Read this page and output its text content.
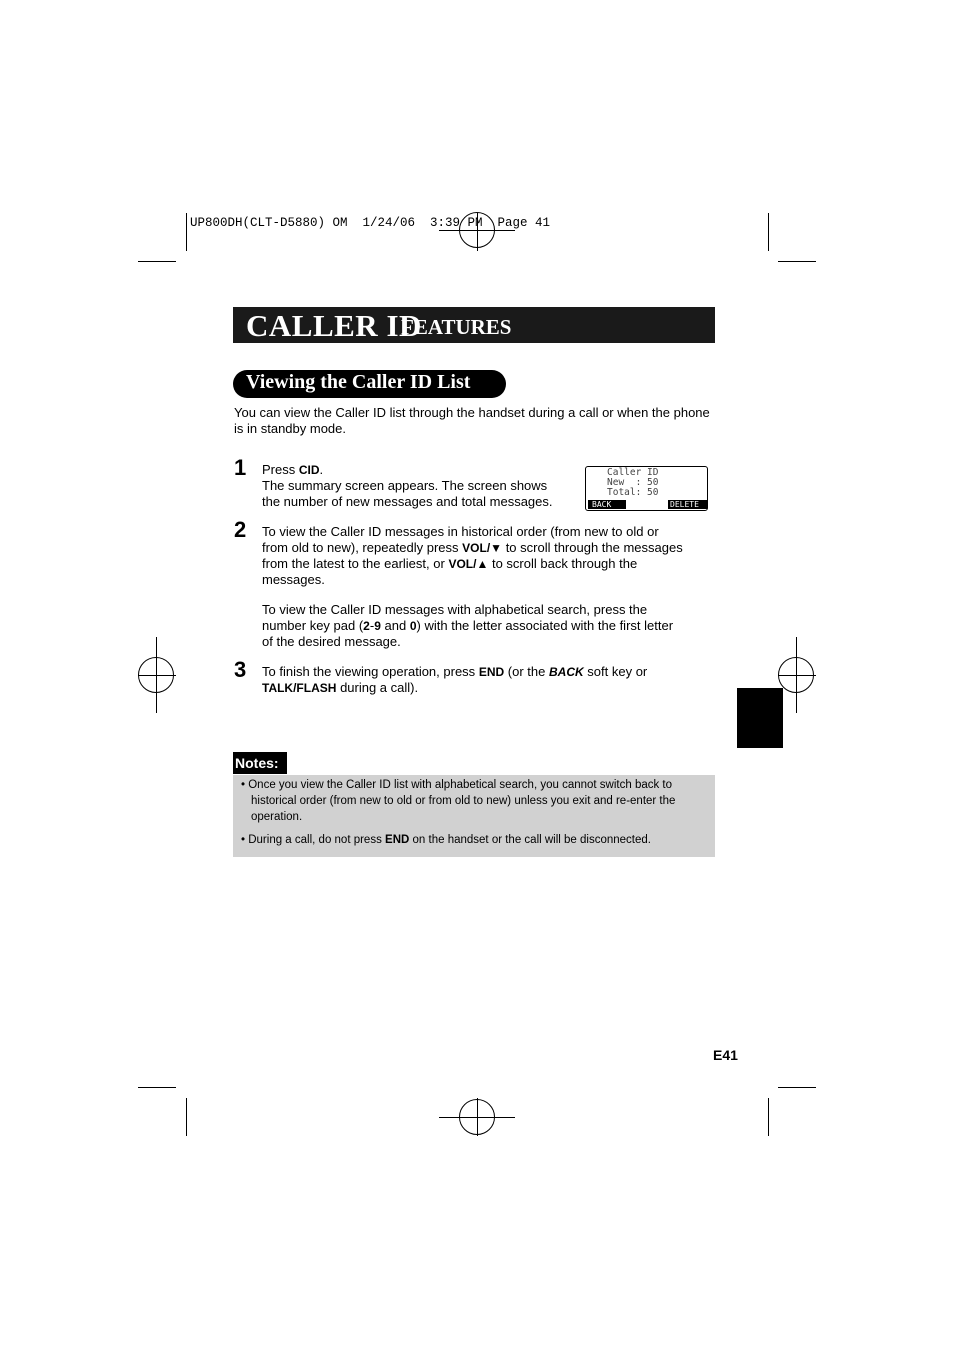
UP800DH(CLT-D5880) OM  1/24/06  3:39 PM  Page 41
CALLER ID
FEATURES
Viewing the Caller ID List
You can view the Caller ID list through the handset during a call or when the phone is in standby mode.
1 Press CID.
The summary screen appears. The screen shows
the number of new messages and total messages.
Caller ID
New  : 50
Total: 50
BACK	DELETE
2 To view the Caller ID messages in historical order (from new to old or
from old to new), repeatedly press VOL/▼ to scroll through the messages
from the latest to the earliest, or VOL/▲ to scroll back through the
messages.
To view the Caller ID messages with alphabetical search, press the
number key pad (2-9 and 0) with the letter associated with the first letter
of the desired message.
3 To finish the viewing operation, press END (or the BACK soft key or
TALK/FLASH during a call).
Notes:
• Once you view the Caller ID list with alphabetical search, you cannot switch back to
historical order (from new to old or from old to new) unless you exit and re-enter the
operation.
• During a call, do not press END on the handset or the call will be disconnected.
E41
